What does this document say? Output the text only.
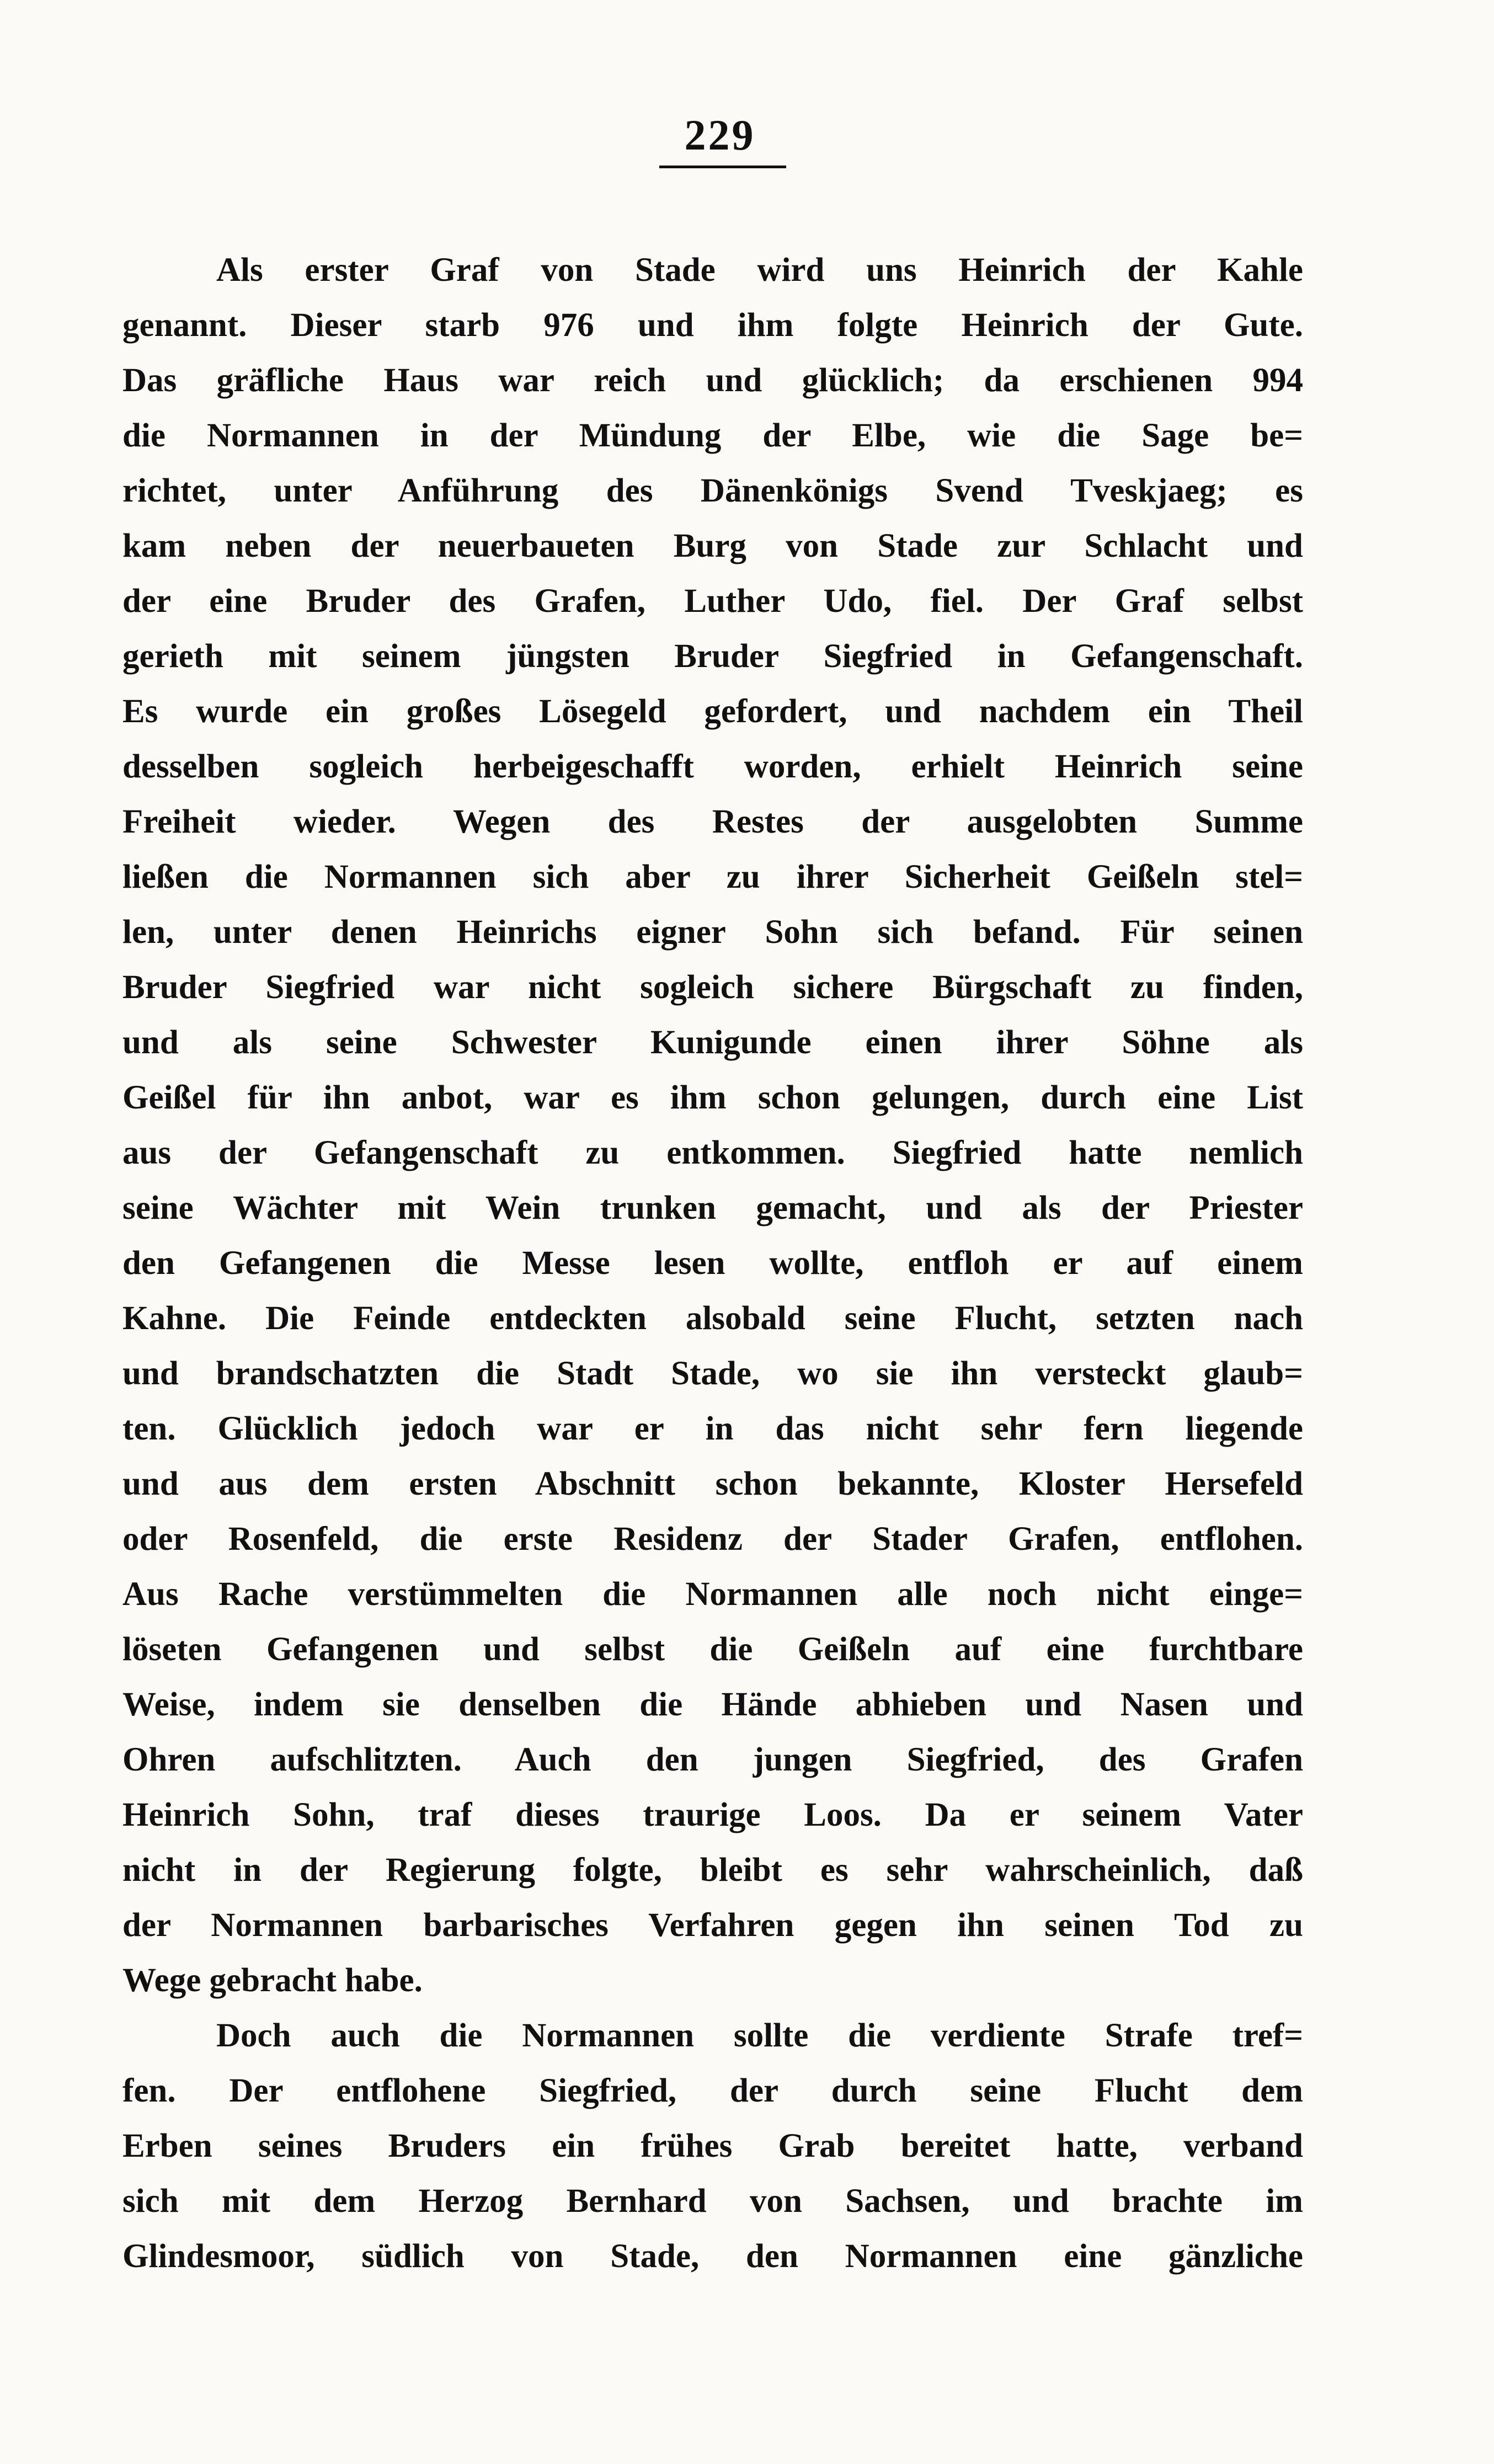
229
Als erster Graf von Stade wird uns Heinrich der Kahle
genannt. Dieser starb 976 und ihm folgte Heinrich der Gute.
Das gräfliche Haus war reich und glücklich; da erschienen 994
die Normannen in der Mündung der Elbe, wie die Sage be=
richtet, unter Anführung des Dänenkönigs Svend Tveskjaeg; es
kam neben der neuerbaueten Burg von Stade zur Schlacht und
der eine Bruder des Grafen, Luther Udo, fiel. Der Graf selbst
gerieth mit seinem jüngsten Bruder Siegfried in Gefangenschaft.
Es wurde ein großes Lösegeld gefordert, und nachdem ein Theil
desselben sogleich herbeigeschafft worden, erhielt Heinrich seine
Freiheit wieder. Wegen des Restes der ausgelobten Summe
ließen die Normannen sich aber zu ihrer Sicherheit Geißeln stel=
len, unter denen Heinrichs eigner Sohn sich befand. Für seinen
Bruder Siegfried war nicht sogleich sichere Bürgschaft zu finden,
und als seine Schwester Kunigunde einen ihrer Söhne als
Geißel für ihn anbot, war es ihm schon gelungen, durch eine List
aus der Gefangenschaft zu entkommen. Siegfried hatte nemlich
seine Wächter mit Wein trunken gemacht, und als der Priester
den Gefangenen die Messe lesen wollte, entfloh er auf einem
Kahne. Die Feinde entdeckten alsobald seine Flucht, setzten nach
und brandschatzten die Stadt Stade, wo sie ihn versteckt glaub=
ten. Glücklich jedoch war er in das nicht sehr fern liegende
und aus dem ersten Abschnitt schon bekannte, Kloster Hersefeld
oder Rosenfeld, die erste Residenz der Stader Grafen, entflohen.
Aus Rache verstümmelten die Normannen alle noch nicht einge=
löseten Gefangenen und selbst die Geißeln auf eine furchtbare
Weise, indem sie denselben die Hände abhieben und Nasen und
Ohren aufschlitzten. Auch den jungen Siegfried, des Grafen
Heinrich Sohn, traf dieses traurige Loos. Da er seinem Vater
nicht in der Regierung folgte, bleibt es sehr wahrscheinlich, daß
der Normannen barbarisches Verfahren gegen ihn seinen Tod zu
Wege gebracht habe.
Doch auch die Normannen sollte die verdiente Strafe tref=
fen. Der entflohene Siegfried, der durch seine Flucht dem
Erben seines Bruders ein frühes Grab bereitet hatte, verband
sich mit dem Herzog Bernhard von Sachsen, und brachte im
Glindesmoor, südlich von Stade, den Normannen eine gänzliche
